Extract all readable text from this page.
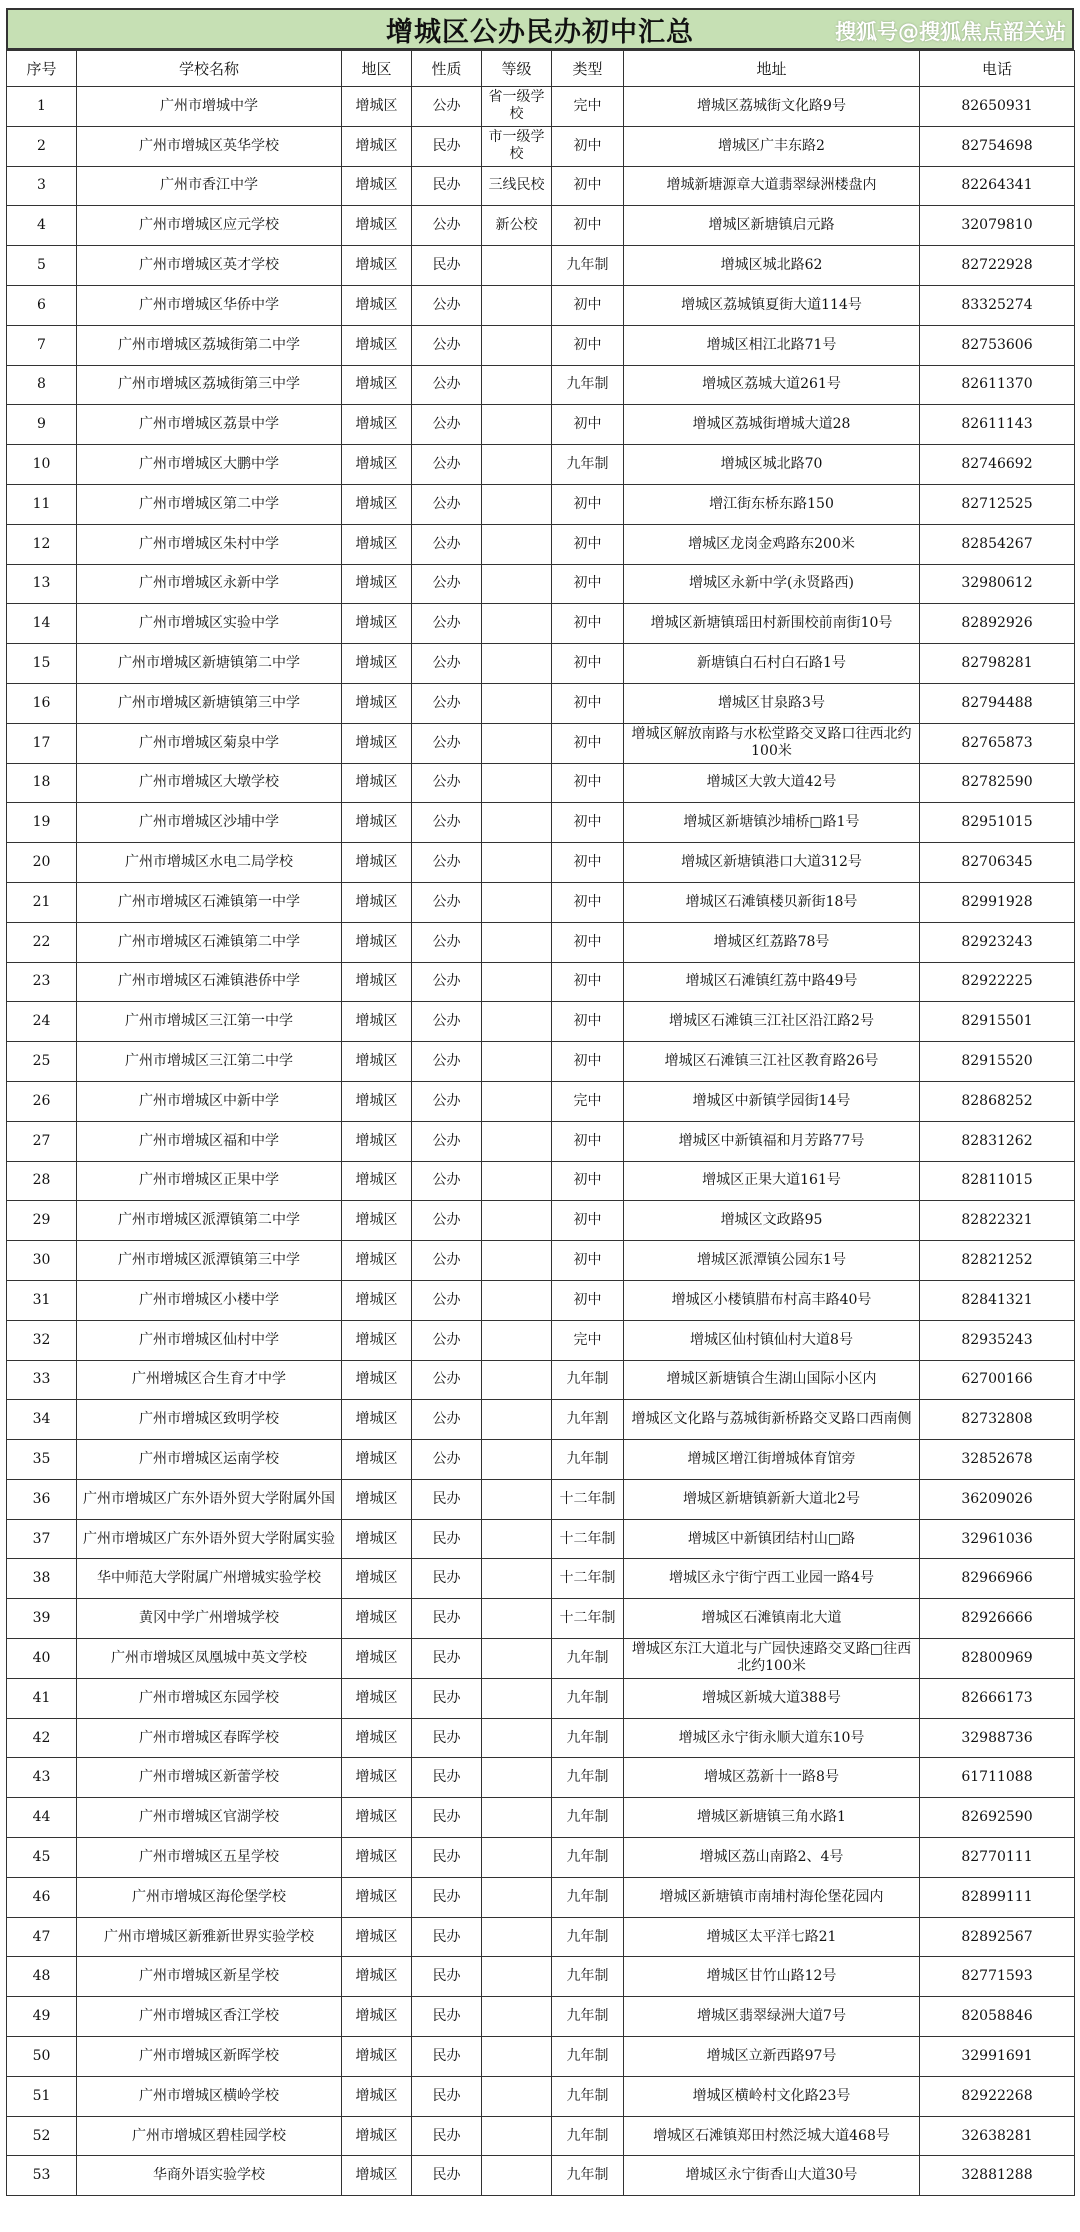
增城区公办民办初中汇总	搜狐号@搜狐焦点韶关站
序号	学校名称	地区	性质	等级	类型	地址	电话
1	广州市增城中学	增城区	公办	省一级学校	完中	增城区荔城街文化路9号	82650931
2	广州市增城区英华学校	增城区	民办	市一级学校	初中	增城区广丰东路2	82754698
3	广州市香江中学	增城区	民办	三线民校	初中	增城新塘源章大道翡翠绿洲楼盘内	82264341
4	广州市增城区应元学校	增城区	公办	新公校	初中	增城区新塘镇启元路	32079810
5	广州市增城区英才学校	增城区	民办		九年制	增城区城北路62	82722928
6	广州市增城区华侨中学	增城区	公办		初中	增城区荔城镇夏街大道114号	83325274
7	广州市增城区荔城街第二中学	增城区	公办		初中	增城区相江北路71号	82753606
8	广州市增城区荔城街第三中学	增城区	公办		九年制	增城区荔城大道261号	82611370
9	广州市增城区荔景中学	增城区	公办		初中	增城区荔城街增城大道28	82611143
10	广州市增城区大鹏中学	增城区	公办		九年制	增城区城北路70	82746692
11	广州市增城区第二中学	增城区	公办		初中	增江街东桥东路150	82712525
12	广州市增城区朱村中学	增城区	公办		初中	增城区龙岗金鸡路东200米	82854267
13	广州市增城区永新中学	增城区	公办		初中	增城区永新中学(永贤路西)	32980612
14	广州市增城区实验中学	增城区	公办		初中	增城区新塘镇瑶田村新围校前南街10号	82892926
15	广州市增城区新塘镇第二中学	增城区	公办		初中	新塘镇白石村白石路1号	82798281
16	广州市增城区新塘镇第三中学	增城区	公办		初中	增城区甘泉路3号	82794488
17	广州市增城区菊泉中学	增城区	公办		初中	增城区解放南路与水松堂路交叉路口往西北约100米	82765873
18	广州市增城区大墩学校	增城区	公办		初中	增城区大敦大道42号	82782590
19	广州市增城区沙埔中学	增城区	公办		初中	增城区新塘镇沙埔桥□路1号	82951015
20	广州市增城区水电二局学校	增城区	公办		初中	增城区新塘镇港口大道312号	82706345
21	广州市增城区石滩镇第一中学	增城区	公办		初中	增城区石滩镇楼贝新街18号	82991928
22	广州市增城区石滩镇第二中学	增城区	公办		初中	增城区红荔路78号	82923243
23	广州市增城区石滩镇港侨中学	增城区	公办		初中	增城区石滩镇红荔中路49号	82922225
24	广州市增城区三江第一中学	增城区	公办		初中	增城区石滩镇三江社区沿江路2号	82915501
25	广州市增城区三江第二中学	增城区	公办		初中	增城区石滩镇三江社区教育路26号	82915520
26	广州市增城区中新中学	增城区	公办		完中	增城区中新镇学园街14号	82868252
27	广州市增城区福和中学	增城区	公办		初中	增城区中新镇福和月芳路77号	82831262
28	广州市增城区正果中学	增城区	公办		初中	增城区正果大道161号	82811015
29	广州市增城区派潭镇第二中学	增城区	公办		初中	增城区文政路95	82822321
30	广州市增城区派潭镇第三中学	增城区	公办		初中	增城区派潭镇公园东1号	82821252
31	广州市增城区小楼中学	增城区	公办		初中	增城区小楼镇腊布村高丰路40号	82841321
32	广州市增城区仙村中学	增城区	公办		完中	增城区仙村镇仙村大道8号	82935243
33	广州增城区合生育才中学	增城区	公办		九年制	增城区新塘镇合生湖山国际小区内	62700166
34	广州市增城区致明学校	增城区	公办		九年割	增城区文化路与荔城街新桥路交叉路口西南侧	82732808
35	广州市增城区运南学校	增城区	公办		九年制	增城区增江街增城体育馆旁	32852678
36	广州市增城区广东外语外贸大学附属外国	增城区	民办		十二年制	增城区新塘镇新新大道北2号	36209026
37	广州市增城区广东外语外贸大学附属实验	增城区	民办		十二年制	增城区中新镇团结村山□路	32961036
38	华中师范大学附属广州增城实验学校	增城区	民办		十二年制	增城区永宁街宁西工业园一路4号	82966966
39	黄冈中学广州增城学校	增城区	民办		十二年制	增城区石滩镇南北大道	82926666
40	广州市增城区凤凰城中英文学校	增城区	民办		九年制	增城区东江大道北与广园快速路交叉路□往西北约100米	82800969
41	广州市增城区东园学校	增城区	民办		九年制	增城区新城大道388号	82666173
42	广州市增城区春晖学校	增城区	民办		九年制	增城区永宁街永顺大道东10号	32988736
43	广州市增城区新蕾学校	增城区	民办		九年制	增城区荔新十一路8号	61711088
44	广州市增城区官湖学校	增城区	民办		九年制	增城区新塘镇三角水路1	82692590
45	广州市增城区五星学校	增城区	民办		九年制	增城区荔山南路2、4号	82770111
46	广州市增城区海伦堡学校	增城区	民办		九年制	增城区新塘镇市南埔村海伦堡花园内	82899111
47	广州市增城区新雅新世界实验学校	增城区	民办		九年制	增城区太平洋七路21	82892567
48	广州市增城区新星学校	增城区	民办		九年制	增城区甘竹山路12号	82771593
49	广州市增城区香江学校	增城区	民办		九年制	增城区翡翠绿洲大道7号	82058846
50	广州市增城区新晖学校	增城区	民办		九年制	增城区立新西路97号	32991691
51	广州市增城区横岭学校	增城区	民办		九年制	增城区横岭村文化路23号	82922268
52	广州市增城区碧桂园学校	增城区	民办		九年制	增城区石滩镇郑田村然泛城大道468号	32638281
53	华商外语实验学校	增城区	民办		九年制	增城区永宁街香山大道30号	32881288
